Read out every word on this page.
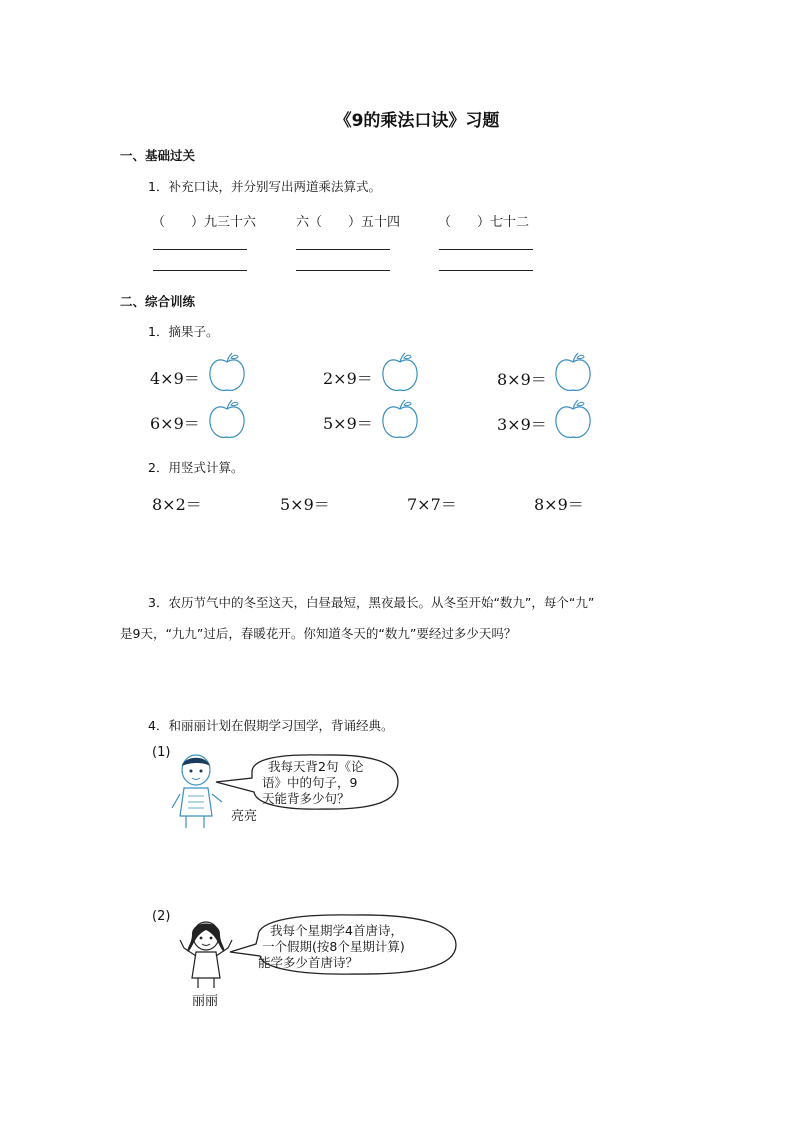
《9的乘法口诀》习题
一、基础过关
1．补充口诀，并分别写出两道乘法算式。
（ ）九三十六	六（ ）五十四	（ ）七十二
二、综合训练
1．摘果子。
4×9＝	2×9＝	8×9＝
6×9＝	5×9＝	3×9＝
2．用竖式计算。
8×2＝	5×9＝	7×7＝	8×9＝
3．农历节气中的冬至这天，白昼最短，黑夜最长。从冬至开始“数九”，每个“九”
是9天，“九九”过后，春暖花开。你知道冬天的“数九”要经过多少天吗？
4．和丽丽计划在假期学习国学，背诵经典。
(1)
亮亮
我每天背2句《论
语》中的句子，9
天能背多少句？
(2)
丽丽
我每个星期学4首唐诗，
一个假期(按8个星期计算)
能学多少首唐诗？
